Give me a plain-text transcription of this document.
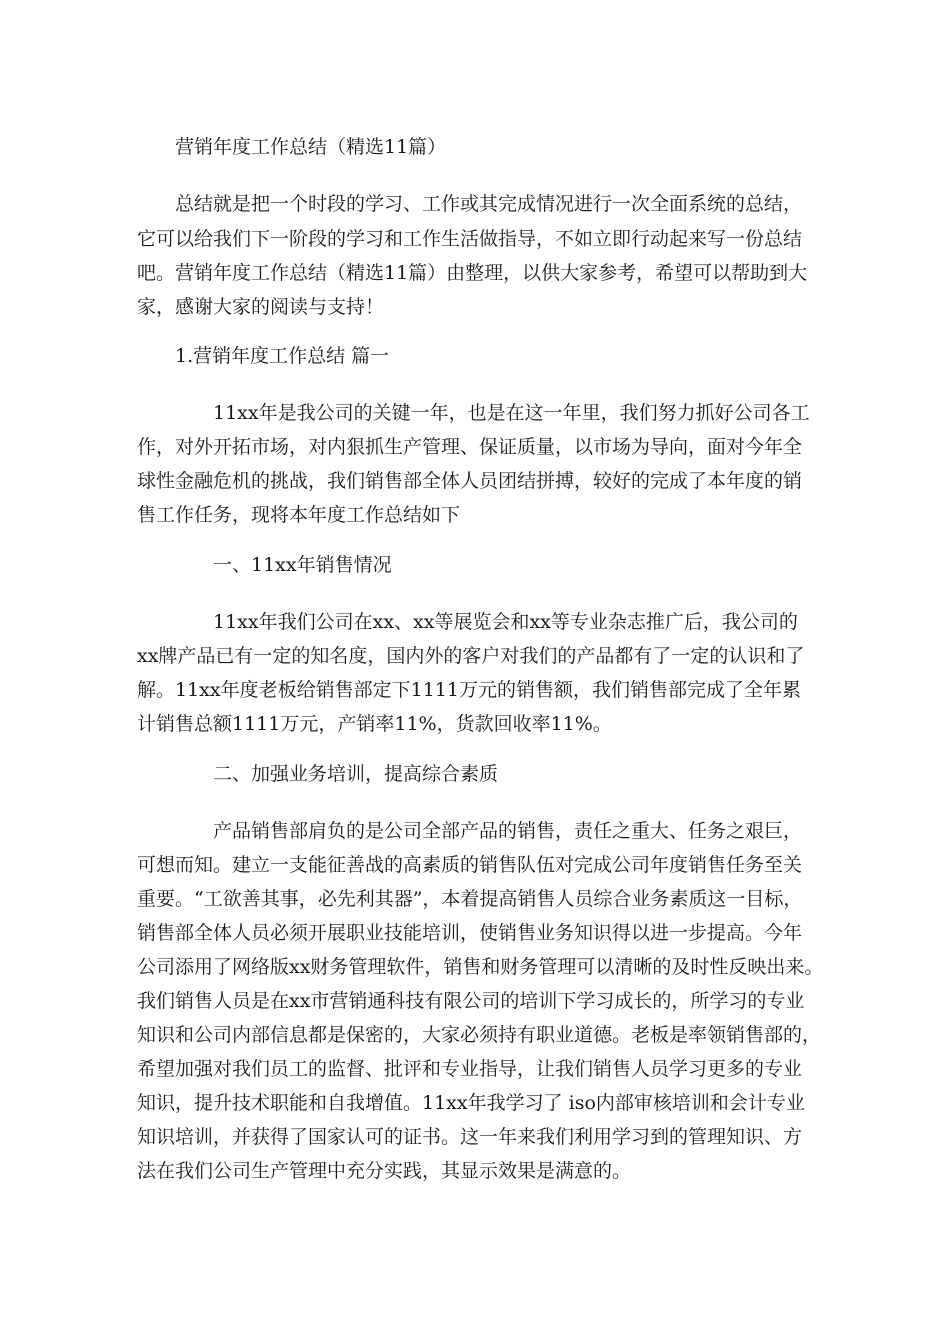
营销年度工作总结（精选11篇）
总结就是把一个时段的学习、工作或其完成情况进行一次全面系统的总结，
它可以给我们下一阶段的学习和工作生活做指导，不如立即行动起来写一份总结
吧。营销年度工作总结（精选11篇）由整理，以供大家参考，希望可以帮助到大
家，感谢大家的阅读与支持！
1.营销年度工作总结 篇一
11xx年是我公司的关键一年，也是在这一年里，我们努力抓好公司各工
作，对外开拓市场，对内狠抓生产管理、保证质量，以市场为导向，面对今年全
球性金融危机的挑战，我们销售部全体人员团结拼搏，较好的完成了本年度的销
售工作任务，现将本年度工作总结如下
一、11xx年销售情况
11xx年我们公司在xx、xx等展览会和xx等专业杂志推广后，我公司的
xx牌产品已有一定的知名度，国内外的客户对我们的产品都有了一定的认识和了
解。11xx年度老板给销售部定下1111万元的销售额，我们销售部完成了全年累
计销售总额1111万元，产销率11%，货款回收率11%。
二、加强业务培训，提高综合素质
产品销售部肩负的是公司全部产品的销售，责任之重大、任务之艰巨，
可想而知。建立一支能征善战的高素质的销售队伍对完成公司年度销售任务至关
重要。“工欲善其事，必先利其器”，本着提高销售人员综合业务素质这一目标，
销售部全体人员必须开展职业技能培训，使销售业务知识得以进一步提高。今年
公司添用了网络版xx财务管理软件，销售和财务管理可以清晰的及时性反映出来。
我们销售人员是在xx市营销通科技有限公司的培训下学习成长的，所学习的专业
知识和公司内部信息都是保密的，大家必须持有职业道德。老板是率领销售部的，
希望加强对我们员工的监督、批评和专业指导，让我们销售人员学习更多的专业
知识，提升技术职能和自我增值。11xx年我学习了 iso内部审核培训和会计专业
知识培训，并获得了国家认可的证书。这一年来我们利用学习到的管理知识、方
法在我们公司生产管理中充分实践，其显示效果是满意的。
